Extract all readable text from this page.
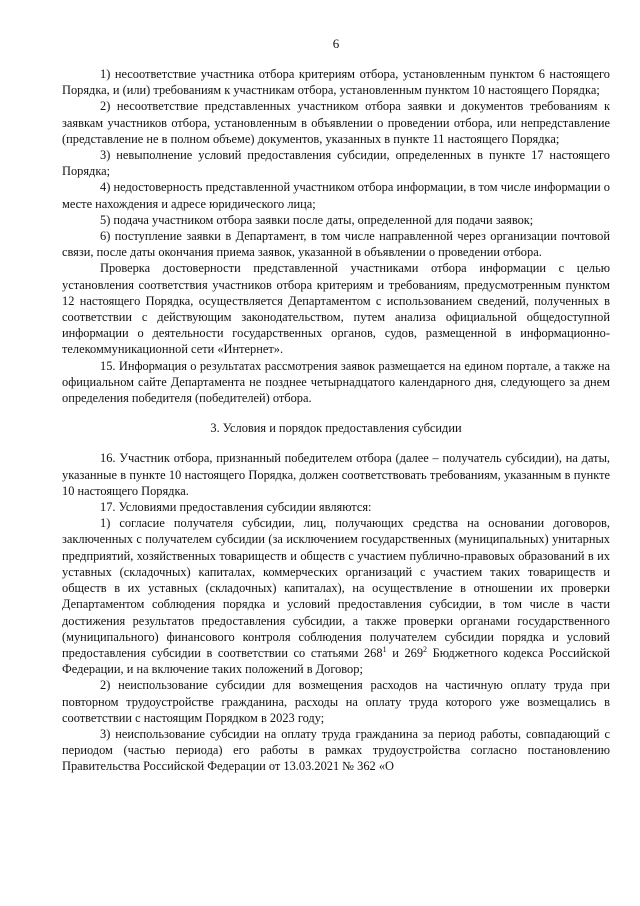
6

1) несоответствие участника отбора критериям отбора, установленным пунктом 6 настоящего Порядка, и (или) требованиям к участникам отбора, установленным пунктом 10 настоящего Порядка;

2) несоответствие представленных участником отбора заявки и документов требованиям к заявкам участников отбора, установленным в объявлении о проведении отбора, или непредставление (представление не в полном объеме) документов, указанных в пункте 11 настоящего Порядка;

3) невыполнение условий предоставления субсидии, определенных в пункте 17 настоящего Порядка;

4) недостоверность представленной участником отбора информации, в том числе информации о месте нахождения и адресе юридического лица;

5) подача участником отбора заявки после даты, определенной для подачи заявок;

6) поступление заявки в Департамент, в том числе направленной через организации почтовой связи, после даты окончания приема заявок, указанной в объявлении о проведении отбора.

Проверка достоверности представленной участниками отбора информации с целью установления соответствия участников отбора критериям и требованиям, предусмотренным пунктом 12 настоящего Порядка, осуществляется Департаментом с использованием сведений, полученных в соответствии с действующим законодательством, путем анализа официальной общедоступной информации о деятельности государственных органов, судов, размещенной в информационно-телекоммуникационной сети «Интернет».

15. Информация о результатах рассмотрения заявок размещается на едином портале, а также на официальном сайте Департамента не позднее четырнадцатого календарного дня, следующего за днем определения победителя (победителей) отбора.

3. Условия и порядок предоставления субсидии

16. Участник отбора, признанный победителем отбора (далее – получатель субсидии), на даты, указанные в пункте 10 настоящего Порядка, должен соответствовать требованиям, указанным в пункте 10 настоящего Порядка.

17. Условиями предоставления субсидии являются:

1) согласие получателя субсидии, лиц, получающих средства на основании договоров, заключенных с получателем субсидии (за исключением государственных (муниципальных) унитарных предприятий, хозяйственных товариществ и обществ с участием публично-правовых образований в их уставных (складочных) капиталах, коммерческих организаций с участием таких товариществ и обществ в их уставных (складочных) капиталах), на осуществление в отношении их проверки Департаментом соблюдения порядка и условий предоставления субсидии, в том числе в части достижения результатов предоставления субсидии, а также проверки органами государственного (муниципального) финансового контроля соблюдения получателем субсидии порядка и условий предоставления субсидии в соответствии со статьями $268^1$ и $269^2$ Бюджетного кодекса Российской Федерации, и на включение таких положений в Договор;

2) неиспользование субсидии для возмещения расходов на частичную оплату труда при повторном трудоустройстве гражданина, расходы на оплату труда которого уже возмещались в соответствии с настоящим Порядком в 2023 году;

3) неиспользование субсидии на оплату труда гражданина за период работы, совпадающий с периодом (частью периода) его работы в рамках трудоустройства согласно постановлению Правительства Российской Федерации от 13.03.2021 № 362 «О
